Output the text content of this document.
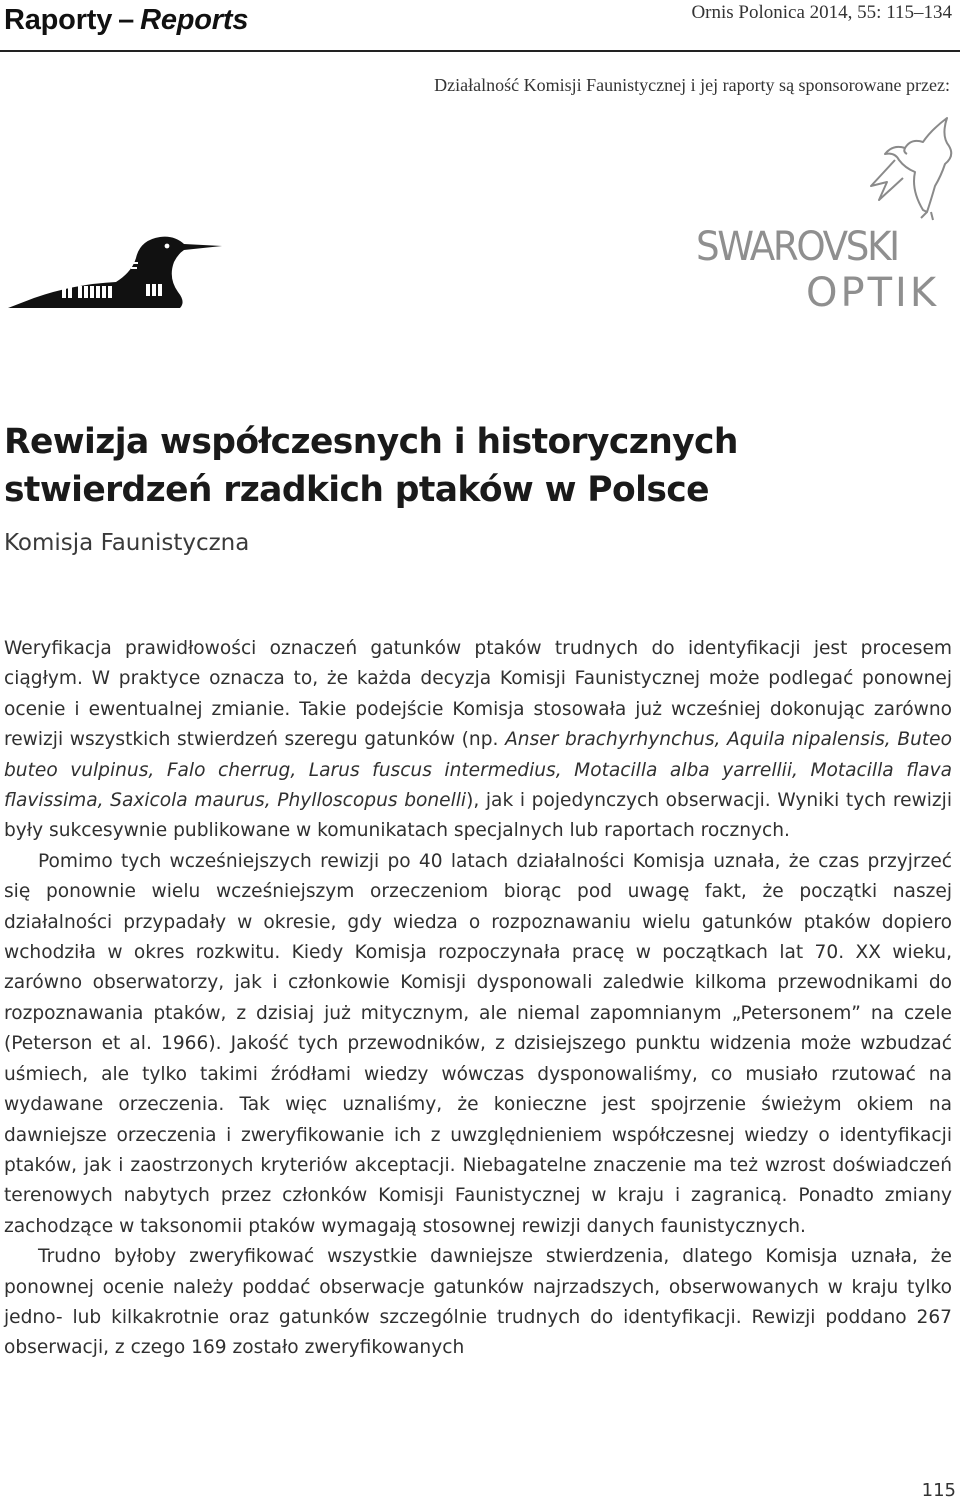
Raporty – Reports	Ornis Polonica 2014, 55: 115–134
Działalność Komisji Faunistycznej i jej raporty są sponsorowane przez:
SWAROVSKI
OPTIK
Rewizja współczesnych i historycznych stwierdzeń rzadkich ptaków w Polsce
Komisja Faunistyczna

Weryfikacja prawidłowości oznaczeń gatunków ptaków trudnych do identyfikacji jest procesem ciągłym. W praktyce oznacza to, że każda decyzja Komisji Faunistycznej może podlegać ponownej ocenie i ewentualnej zmianie. Takie podejście Komisja stosowała już wcześniej dokonując zarówno rewizji wszystkich stwierdzeń szeregu gatunków (np. Anser brachyrhynchus, Aquila nipalensis, Buteo buteo vulpinus, Falo cherrug, Larus fuscus intermedius, Motacilla alba yarrellii, Motacilla flava flavissima, Saxicola maurus, Phylloscopus bonelli), jak i pojedynczych obserwacji. Wyniki tych rewizji były sukcesywnie publikowane w komunikatach specjalnych lub raportach rocznych.

Pomimo tych wcześniejszych rewizji po 40 latach działalności Komisja uznała, że czas przyjrzeć się ponownie wielu wcześniejszym orzeczeniom biorąc pod uwagę fakt, że początki naszej działalności przypadały w okresie, gdy wiedza o rozpoznawaniu wielu gatunków ptaków dopiero wchodziła w okres rozkwitu. Kiedy Komisja rozpoczynała pracę w początkach lat 70. XX wieku, zarówno obserwatorzy, jak i członkowie Komisji dysponowali zaledwie kilkoma przewodnikami do rozpoznawania ptaków, z dzisiaj już mitycznym, ale niemal zapomnianym „Petersonem” na czele (Peterson et al. 1966). Jakość tych przewodników, z dzisiejszego punktu widzenia może wzbudzać uśmiech, ale tylko takimi źródłami wiedzy wówczas dysponowaliśmy, co musiało rzutować na wydawane orzeczenia. Tak więc uznaliśmy, że konieczne jest spojrzenie świeżym okiem na dawniejsze orzeczenia i zweryfikowanie ich z uwzględnieniem współczesnej wiedzy o identyfikacji ptaków, jak i zaostrzonych kryteriów akceptacji. Niebagatelne znaczenie ma też wzrost doświadczeń terenowych nabytych przez członków Komisji Faunistycznej w kraju i zagranicą. Ponadto zmiany zachodzące w taksonomii ptaków wymagają stosownej rewizji danych faunistycznych.

Trudno byłoby zweryfikować wszystkie dawniejsze stwierdzenia, dlatego Komisja uznała, że ponownej ocenie należy poddać obserwacje gatunków najrzadszych, obserwowanych w kraju tylko jedno- lub kilkakrotnie oraz gatunków szczególnie trudnych do identyfikacji. Rewizji poddano 267 obserwacji, z czego 169 zostało zweryfikowanych

115
